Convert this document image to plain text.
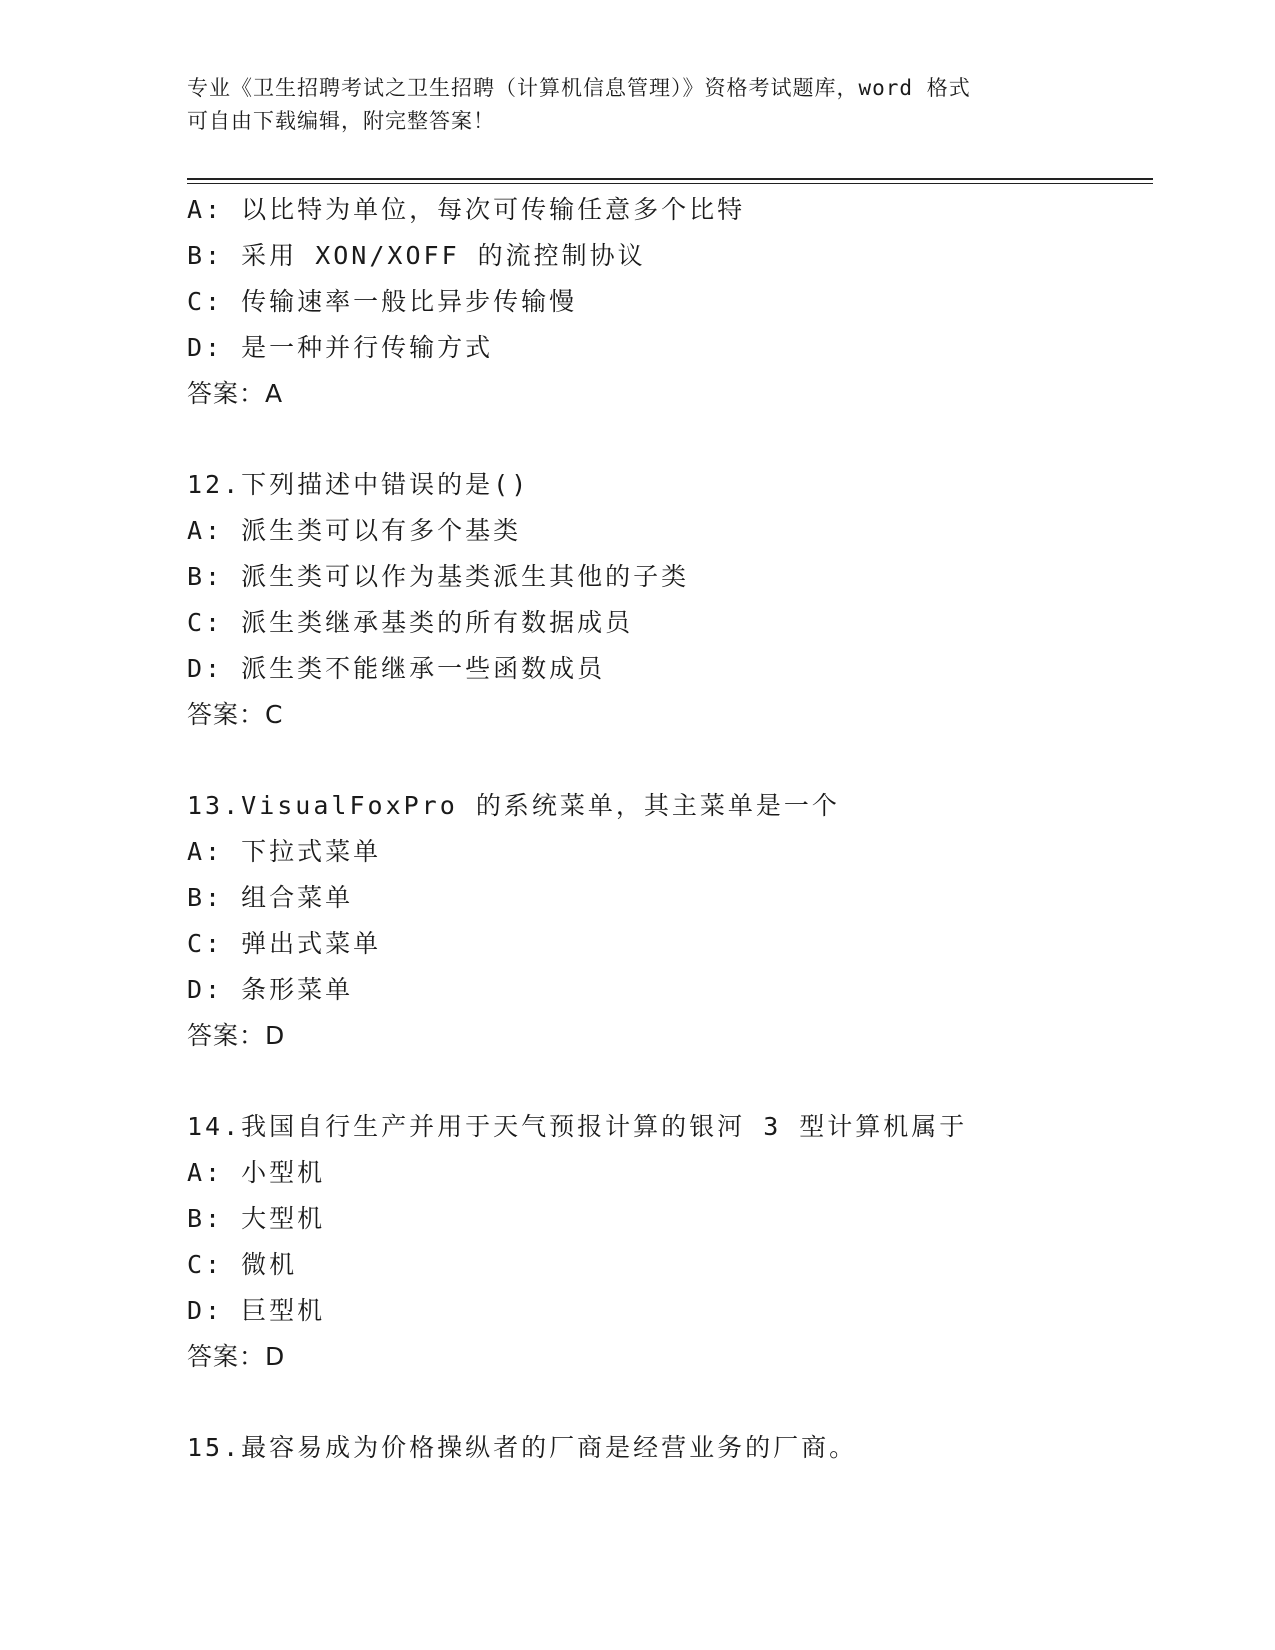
专业《卫生招聘考试之卫生招聘（计算机信息管理）》资格考试题库，word 格式
可自由下载编辑，附完整答案！
A: 以比特为单位，每次可传输任意多个比特
B: 采用 XON/XOFF 的流控制协议
C: 传输速率一般比异步传输慢
D: 是一种并行传输方式
答案：A
12.下列描述中错误的是()
A: 派生类可以有多个基类
B: 派生类可以作为基类派生其他的子类
C: 派生类继承基类的所有数据成员
D: 派生类不能继承一些函数成员
答案：C
13.VisualFoxPro 的系统菜单，其主菜单是一个
A: 下拉式菜单
B: 组合菜单
C: 弹出式菜单
D: 条形菜单
答案：D
14.我国自行生产并用于天气预报计算的银河 3 型计算机属于
A: 小型机
B: 大型机
C: 微机
D: 巨型机
答案：D
15.最容易成为价格操纵者的厂商是经营业务的厂商。
